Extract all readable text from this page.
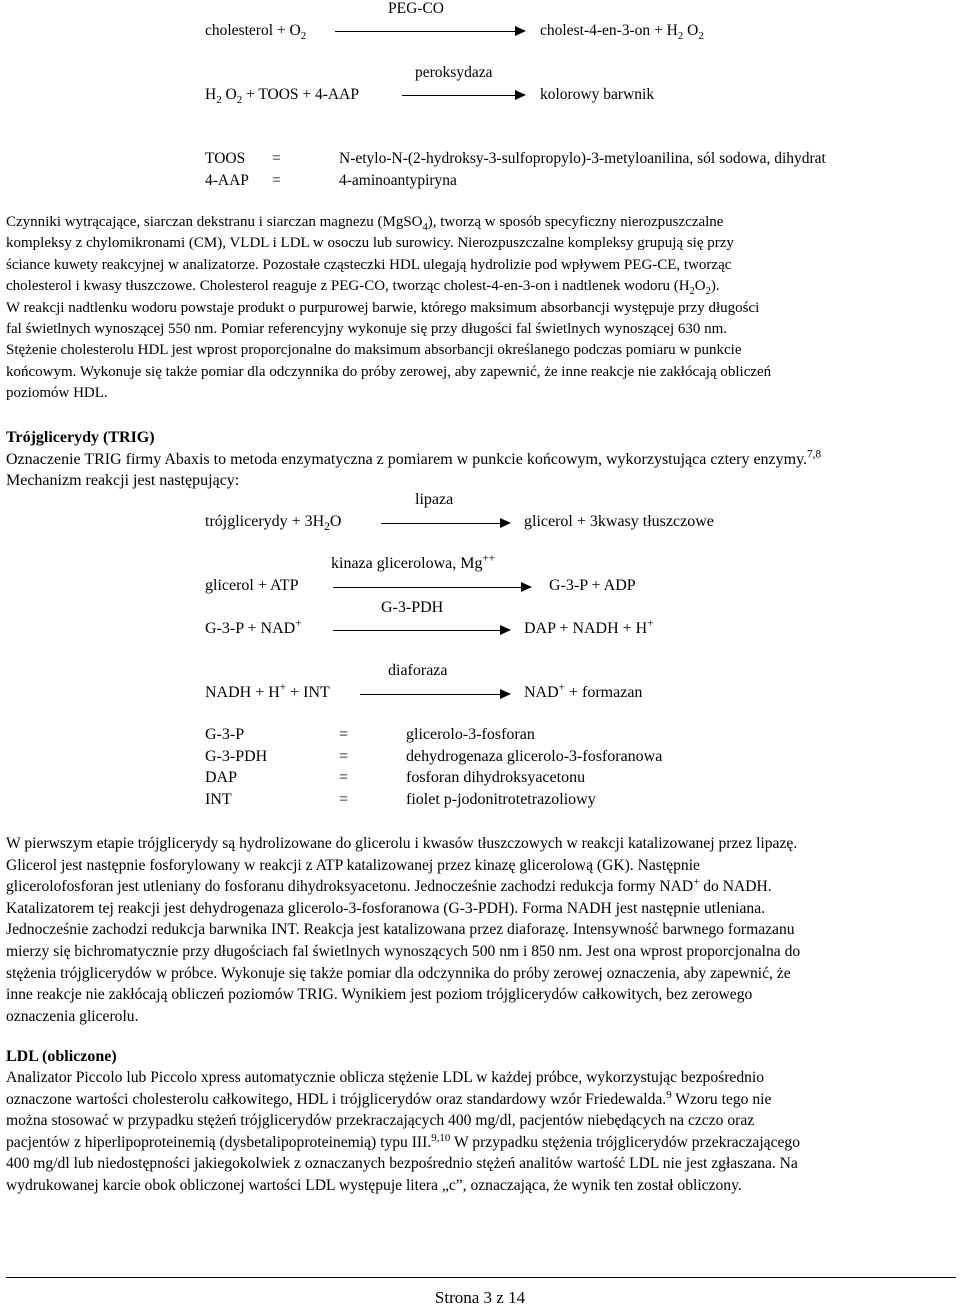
PEG-CO
cholesterol + $O_2$	cholest-4-en-3-on + $H_2$ $O_2$
peroksydaza
$H_2$ $O_2$ + TOOS + 4-AAP	kolorowy barwnik
TOOS =	N-etylo-N-(2-hydroksy-3-sulfopropylo)-3-metyloanilina, sól sodowa, dihydrat
4-AAP =	4-aminoantypiryna
Czynniki wytrącające, siarczan dekstranu i siarczan magnezu (MgSO$_4$), tworzą w sposób specyficzny nierozpuszczalne
kompleksy z chylomikronami (CM), VLDL i LDL w osoczu lub surowicy. Nierozpuszczalne kompleksy grupują się przy
ściance kuwety reakcyjnej w analizatorze. Pozostałe cząsteczki HDL ulegają hydrolizie pod wpływem PEG-CE, tworząc
cholesterol i kwasy tłuszczowe. Cholesterol reaguje z PEG-CO, tworząc cholest-4-en-3-on i nadtlenek wodoru $(H_2O_2)$.
W reakcji nadtlenku wodoru powstaje produkt o purpurowej barwie, którego maksimum absorbancji występuje przy długości
fal świetlnych wynoszącej 550 nm. Pomiar referencyjny wykonuje się przy długości fal świetlnych wynoszącej 630 nm.
Stężenie cholesterolu HDL jest wprost proporcjonalne do maksimum absorbancji określanego podczas pomiaru w punkcie
końcowym. Wykonuje się także pomiar dla odczynnika do próby zerowej, aby zapewnić, że inne reakcje nie zakłócają obliczeń
poziomów HDL.
Trójglicerydy (TRIG)
Oznaczenie TRIG firmy Abaxis to metoda enzymatyczna z pomiarem w punkcie końcowym, wykorzystująca cztery enzymy.$^{7,8}$
Mechanizm reakcji jest następujący:
lipaza
trójglicerydy + $3H_2O$	glicerol + 3kwasy tłuszczowe
kinaza glicerolowa, Mg++
glicerol + ATP	G-3-P + ADP
G-3-PDH
G-3-P + NAD+	DAP + NADH + H+
diaforaza
NADH + H+ + INT	NAD+ + formazan
G-3-P	=	glicerolo-3-fosforan
G-3-PDH	=	dehydrogenaza glicerolo-3-fosforanowa
DAP	=	fosforan dihydroksyacetonu
INT	=	fiolet p-jodonitrotetrazoliowy
W pierwszym etapie trójglicerydy są hydrolizowane do glicerolu i kwasów tłuszczowych w reakcji katalizowanej przez lipazę.
Glicerol jest następnie fosforylowany w reakcji z ATP katalizowanej przez kinazę glicerolową (GK). Następnie
glicerolofosforan jest utleniany do fosforanu dihydroksyacetonu. Jednocześnie zachodzi redukcja formy NAD+ do NADH.
Katalizatorem tej reakcji jest dehydrogenaza glicerolo-3-fosforanowa (G-3-PDH). Forma NADH jest następnie utleniana.
Jednocześnie zachodzi redukcja barwnika INT. Reakcja jest katalizowana przez diaforazę. Intensywność barwnego formazanu
mierzy się bichromatycznie przy długościach fal świetlnych wynoszących 500 nm i 850 nm. Jest ona wprost proporcjonalna do
stężenia trójglicerydów w próbce. Wykonuje się także pomiar dla odczynnika do próby zerowej oznaczenia, aby zapewnić, że
inne reakcje nie zakłócają obliczeń poziomów TRIG. Wynikiem jest poziom trójglicerydów całkowitych, bez zerowego
oznaczenia glicerolu.
LDL (obliczone)
Analizator Piccolo lub Piccolo xpress automatycznie oblicza stężenie LDL w każdej próbce, wykorzystując bezpośrednio
oznaczone wartości cholesterolu całkowitego, HDL i trójglicerydów oraz standardowy wzór Friedewalda.$^9$ Wzoru tego nie
można stosować w przypadku stężeń trójglicerydów przekraczających 400 mg/dl, pacjentów niebędących na czczo oraz
pacjentów z hiperlipoproteinemią (dysbetalipoproteinemią) typu III.$^{9,10}$ W przypadku stężenia trójglicerydów przekraczającego
400 mg/dl lub niedostępności jakiegokolwiek z oznaczanych bezpośrednio stężeń analitów wartość LDL nie jest zgłaszana. Na
wydrukowanej karcie obok obliczonej wartości LDL występuje litera „c”, oznaczająca, że wynik ten został obliczony.
Strona 3 z 14
